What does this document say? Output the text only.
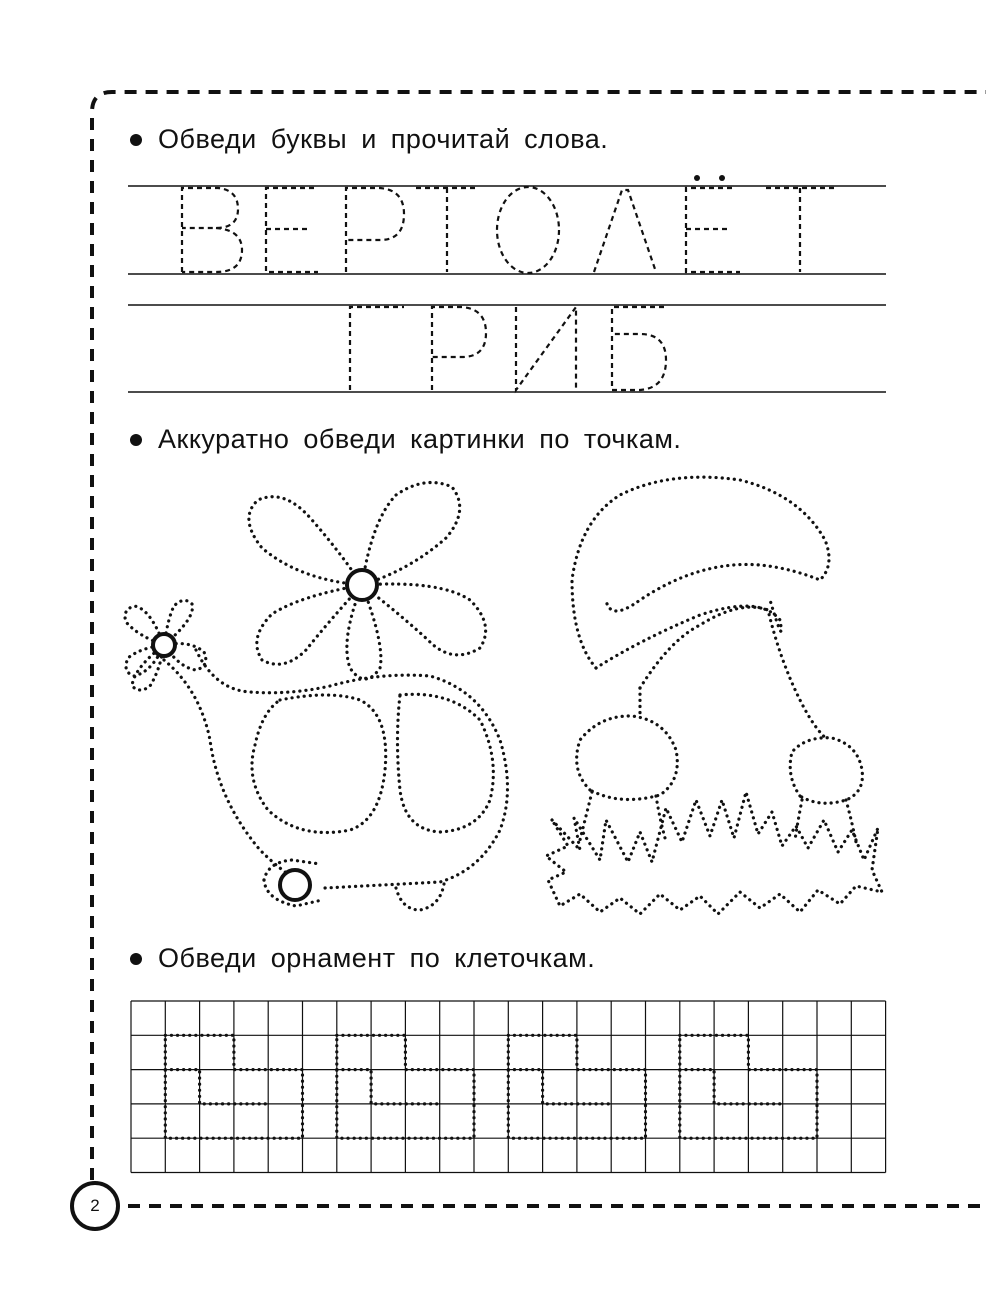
Обведи буквы и прочитай слова.
Аккуратно обведи картинки по точкам.
Обведи орнамент по клеточкам.
2
